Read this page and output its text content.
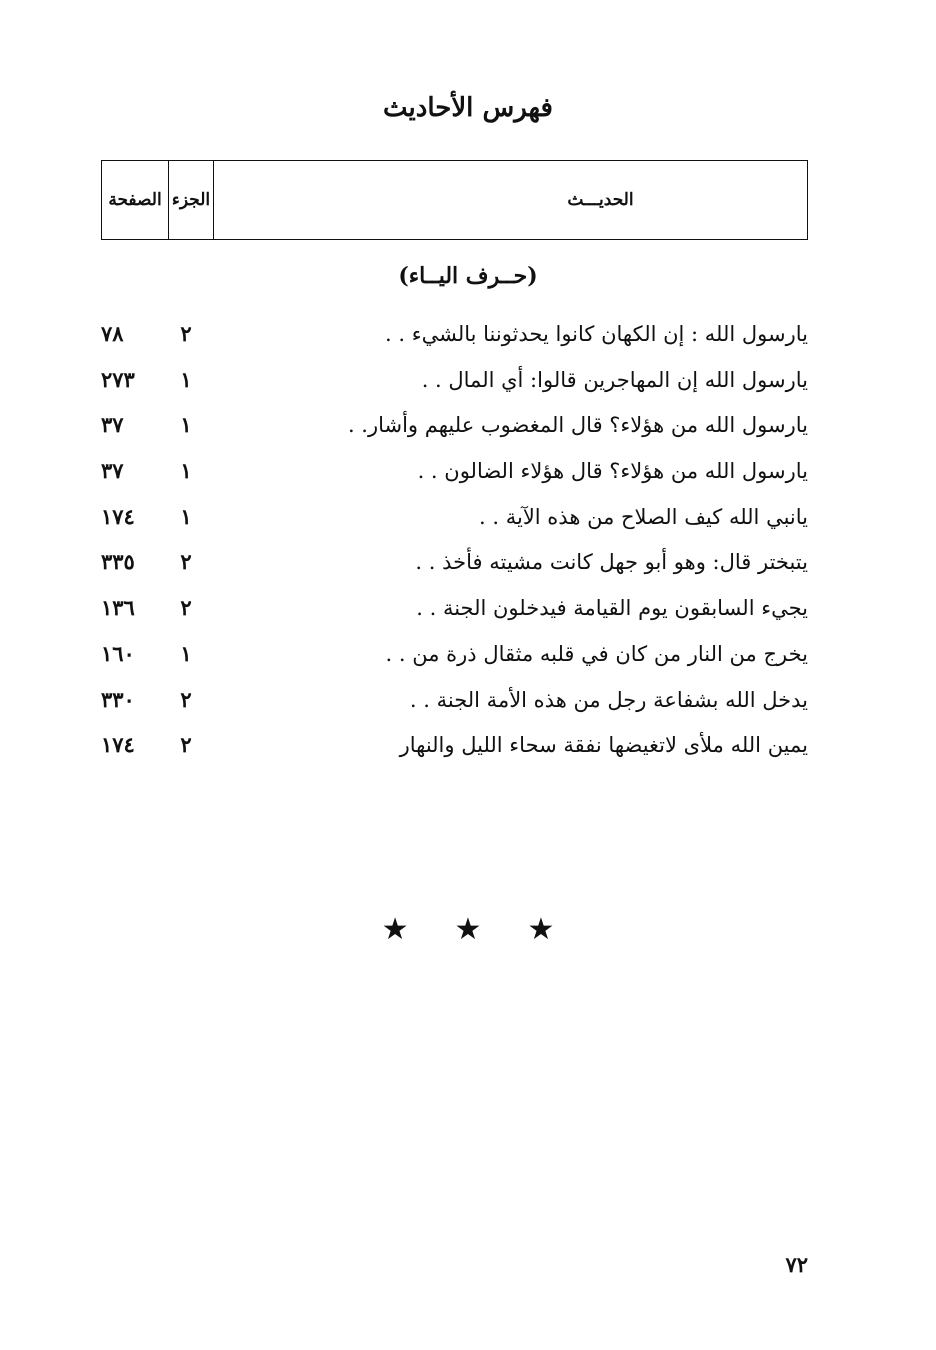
فهرس الأحاديث
الحديـــث
الجزء
الصفحة
(حــرف اليــاء)
يارسول الله : إن الكهان كانوا يحدثوننا بالشيء . .
٢
٧٨
يارسول الله إن المهاجرين قالوا: أي المال . .
١
٢٧٣
يارسول الله من هؤلاء؟ قال المغضوب عليهم وأشار. .
١
٣٧
يارسول الله من هؤلاء؟ قال هؤلاء الضالون . .
١
٣٧
يانبي الله كيف الصلاح من هذه الآية . .
١
١٧٤
يتبختر قال: وهو أبو جهل كانت مشيته فأخذ . .
٢
٣٣٥
يجيء السابقون يوم القيامة فيدخلون الجنة . .
٢
١٣٦
يخرج من النار من كان في قلبه مثقال ذرة من . .
١
١٦٠
يدخل الله بشفاعة رجل من هذه الأمة الجنة . .
٢
٣٣٠
يمين الله ملأى لاتغيضها نفقة سحاء الليل والنهار
٢
١٧٤
★★★
٧٢
